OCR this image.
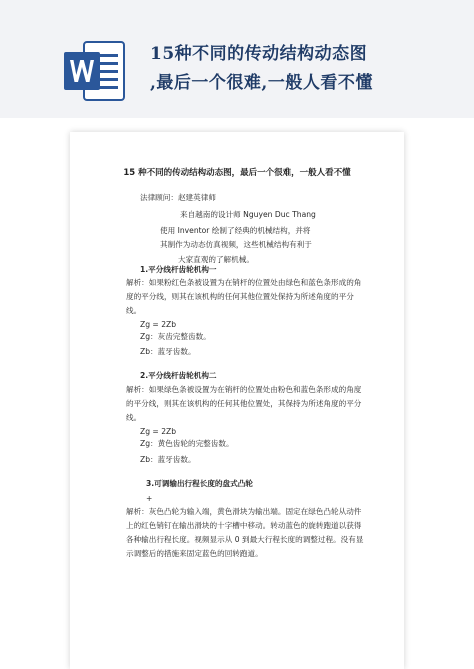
15种不同的传动结构动态图
,最后一个很难,一般人看不懂
15 种不同的传动结构动态图，最后一个很难，一般人看不懂
法律顾问：赵建英律师
来自越南的设计师 Nguyen Duc Thang
使用 Inventor 绘制了经典的机械结构，并将
其制作为动态仿真视频，这些机械结构有利于
大家直观的了解机械。
1.平分线杆齿轮机构一
解析：如果粉红色条被设置为在销杆的位置处由绿色和蓝色条形成的角度的平分线，则其在该机构的任何其他位置处保持为所述角度的平分线。
Zg = 2Zb
Zg：灰齿完整齿数。
Zb：蓝牙齿数。
2.平分线杆齿轮机构二
解析：如果绿色条被设置为在销杆的位置处由粉色和蓝色条形成的角度的平分线，则其在该机构的任何其他位置处，其保持为所述角度的平分线。
Zg = 2Zb
Zg：黄色齿轮的完整齿数。
Zb：蓝牙齿数。
3.可调输出行程长度的盘式凸轮
+
解析：灰色凸轮为输入端，黄色滑块为输出端。固定在绿色凸轮从动件上的红色销钉在输出滑块的十字槽中移动。转动蓝色的旋转跑道以获得各种输出行程长度。视频显示从 0 到最大行程长度的调整过程。没有显示调整后的措施来固定蓝色的回转跑道。
